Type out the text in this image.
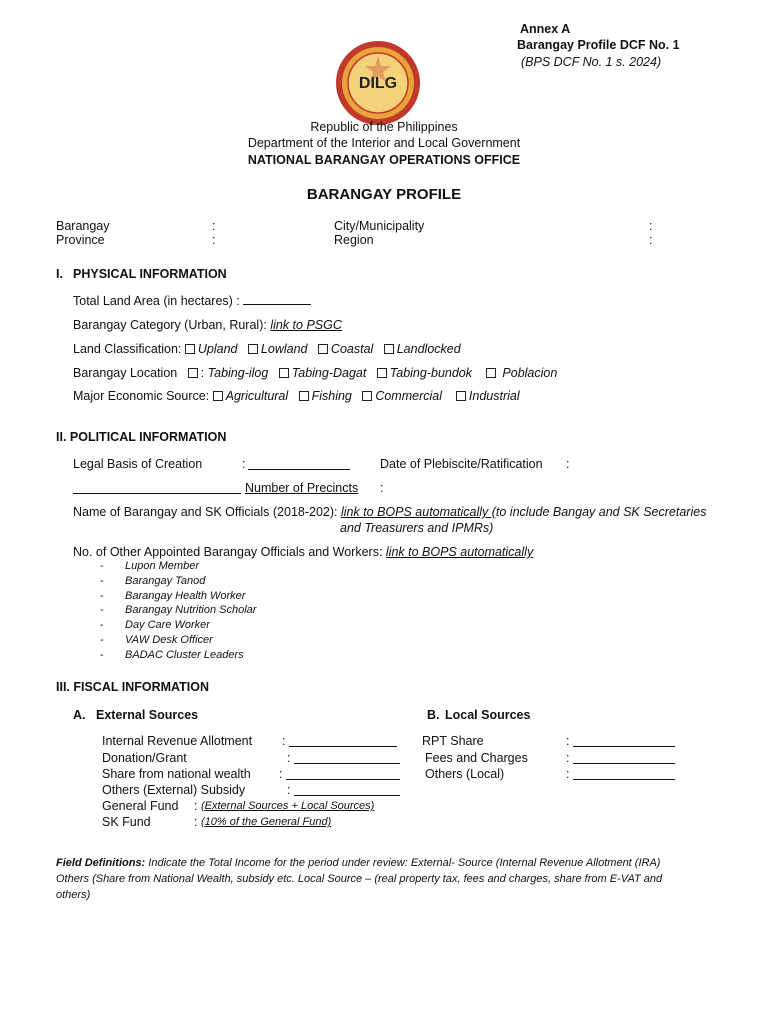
Annex A
Barangay Profile DCF No. 1
(BPS DCF No. 1 s. 2024)
DILG
Republic of the Philippines
Department of the Interior and Local Government
NATIONAL BARANGAY OPERATIONS OFFICE
BARANGAY PROFILE
Barangay	:
Province	:
City/Municipality	:
Region	:
I. PHYSICAL INFORMATION
Total Land Area (in hectares) :
Barangay Category (Urban, Rural): link to PSGC
Land Classification: Upland Lowland Coastal Landlocked
Barangay Location   : Tabing-ilog Tabing-Dagat Tabing-bundok Poblacion
Major Economic Source: Agricultural Fishing Commercial Industrial
II. POLITICAL INFORMATION
Legal Basis of Creation	:	Date of Plebiscite/Ratification :
Number of Precincts :
Name of Barangay and SK Officials (2018-202): link to BOPS automatically (to include Bangay and SK Secretaries
and Treasurers and IPMRs)
No. of Other Appointed Barangay Officials and Workers: link to BOPS automatically
- Lupon Member
- Barangay Tanod
- Barangay Health Worker
- Barangay Nutrition Scholar
- Day Care Worker
- VAW Desk Officer
- BADAC Cluster Leaders
III. FISCAL INFORMATION
A. External Sources	B. Local Sources
Internal Revenue Allotment :
Donation/Grant	:
Share from national wealth :
Others (External) Subsidy	:
RPT Share	:
Fees and Charges	:
Others (Local)	:
General Fund : (External Sources + Local Sources)
SK Fund	: (10% of the General Fund)
Field Definitions: Indicate the Total Income for the period under review: External- Source (Internal Revenue Allotment (IRA)
Others (Share from National Wealth, subsidy etc. Local Source – (real property tax, fees and charges, share from E-VAT and
others)
